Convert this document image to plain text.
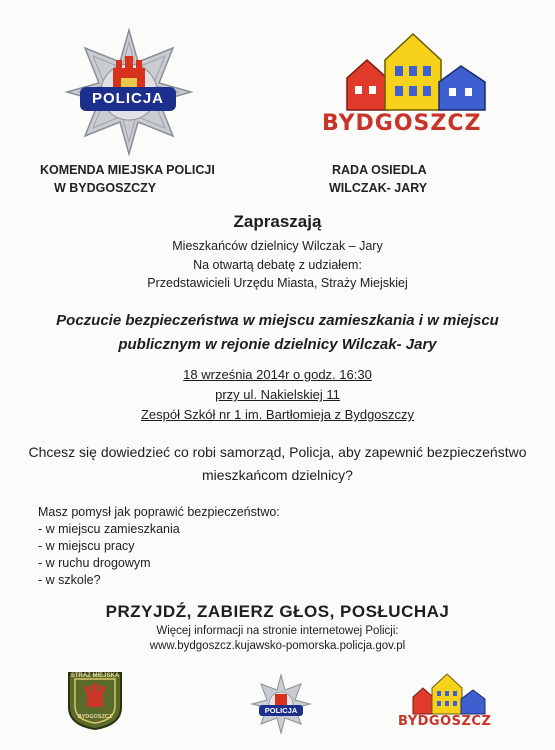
POLICJA
BYDGOSZCZ
KOMENDA MIEJSKA POLICJI
W BYDGOSZCZY
RADA OSIEDLA
WILCZAK- JARY
Zapraszają
Mieszkańców dzielnicy Wilczak – Jary
Na otwartą debatę z udziałem:
Przedstawicieli Urzędu Miasta, Straży Miejskiej
Poczucie bezpieczeństwa w miejscu zamieszkania i w miejscu
publicznym w rejonie dzielnicy Wilczak- Jary
18 września 2014r o godz. 16:30
przy ul. Nakielskiej 11
Zespół Szkół nr 1 im. Bartłomieja z Bydgoszczy
Chcesz się dowiedzieć co robi samorząd, Policja, aby zapewnić bezpieczeństwo
mieszkańcom dzielnicy?
Masz pomysł jak poprawić bezpieczeństwo:
- w miejscu zamieszkania
- w miejscu pracy
- w ruchu drogowym
- w szkole?
PRZYJDŹ, ZABIERZ GŁOS, POSŁUCHAJ
Więcej informacji na stronie internetowej Policji:
www.bydgoszcz.kujawsko-pomorska.policja.gov.pl
STRAŻ MIEJSKA
BYDGOSZCZ
POLICJA
BYDGOSZCZ
